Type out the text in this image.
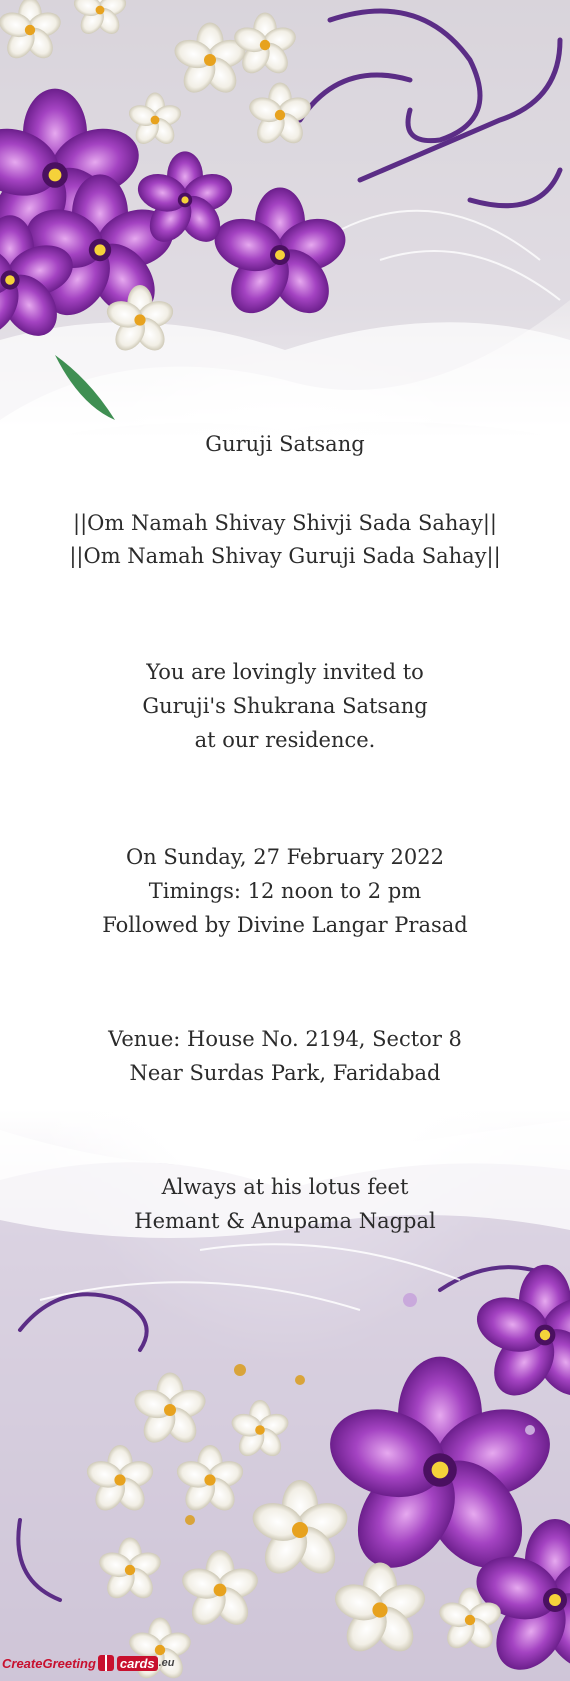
Guruji Satsang
||Om Namah Shivay Shivji Sada Sahay||
||Om Namah Shivay Guruji Sada Sahay||
You are lovingly invited to
Guruji's Shukrana Satsang
at our residence.
On Sunday, 27 February 2022
Timings: 12 noon to 2 pm
Followed by Divine Langar Prasad
Venue: House No. 2194, Sector 8
Near Surdas Park, Faridabad
Always at his lotus feet
Hemant & Anupama Nagpal
CreateGreeting cards .eu
